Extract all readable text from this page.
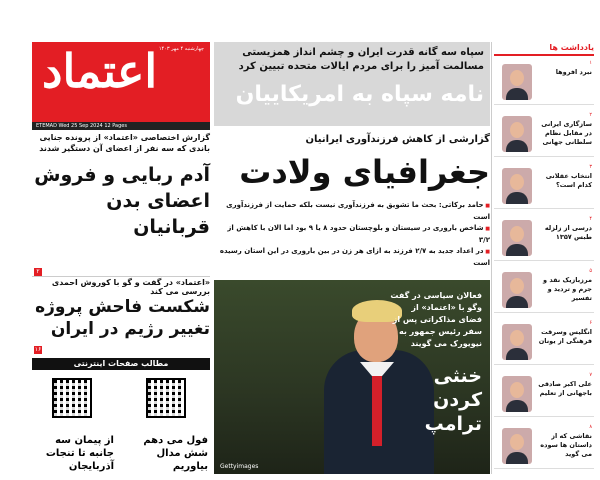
اعتماد چهارشنبه ۴ مهر ۱۴۰۳
ETEMAD Wed 25 Sep 2024 12 Pages
سپاه سه گانه قدرت ایران و چشم انداز همزیستی مسالمت آمیز را برای مردم ایالات متحده تبیین کرد
نامه سپاه به امریکاییان
گزارش اختصاصی «اعتماد» از پرونده جنایی باندی که سه نفر از اعضای آن دستگیر شدند
آدم ربایی و فروش اعضای بدن قربانیان
۲
«اعتماد» در گفت و گو با کوروش احمدی بررسی می کند
شکست فاحش پروژه تغییر رژیم در ایران
۱۶
مطالب صفحات اینترنتی
فول می دهم شش مدال بیاوریم
از پیمان سه جانبه تا تنجات آذربایجان
گزارشی از کاهش فرزندآوری ایرانیان
جغرافیای ولادت
■ حامد برکاتی: بحث ما تشویق به فرزندآوری نیست بلکه حمایت از فرزندآوری است
■ شاخص باروری در سیستان و بلوچستان حدود ۸ یا ۹ بود اما الان با کاهش از ۳/۲
■ در اعداد جدید به ۲/۷ فرزند به ازای هر زن در بین باروری در این استان رسیده است
فعالان سیاسی در گفت وگو با «اعتماد» از فضای مذاکراتی پس از سفر رئیس جمهور به نیویورک می گویند
خنثی کردن ترامپ
Gettyimages
یادداشت ها
۱
نبرد افروها
۲
سازگاری ایرانی در مقابل نظام سلطانی جهانی
۳
انتخاب عقلانی کدام است؟
۴
درسی از زلزله طبس ۱۳۵۷
۵
مرزبازیک نقد و جرم و تردید و تفسیر
۶
انگلیس وسرقت فرهنگی از یونان
۷
علی اکبر صادقی باجهانی از تعلیم
۸
نقاشی که از داستان ها سوده می گوید
